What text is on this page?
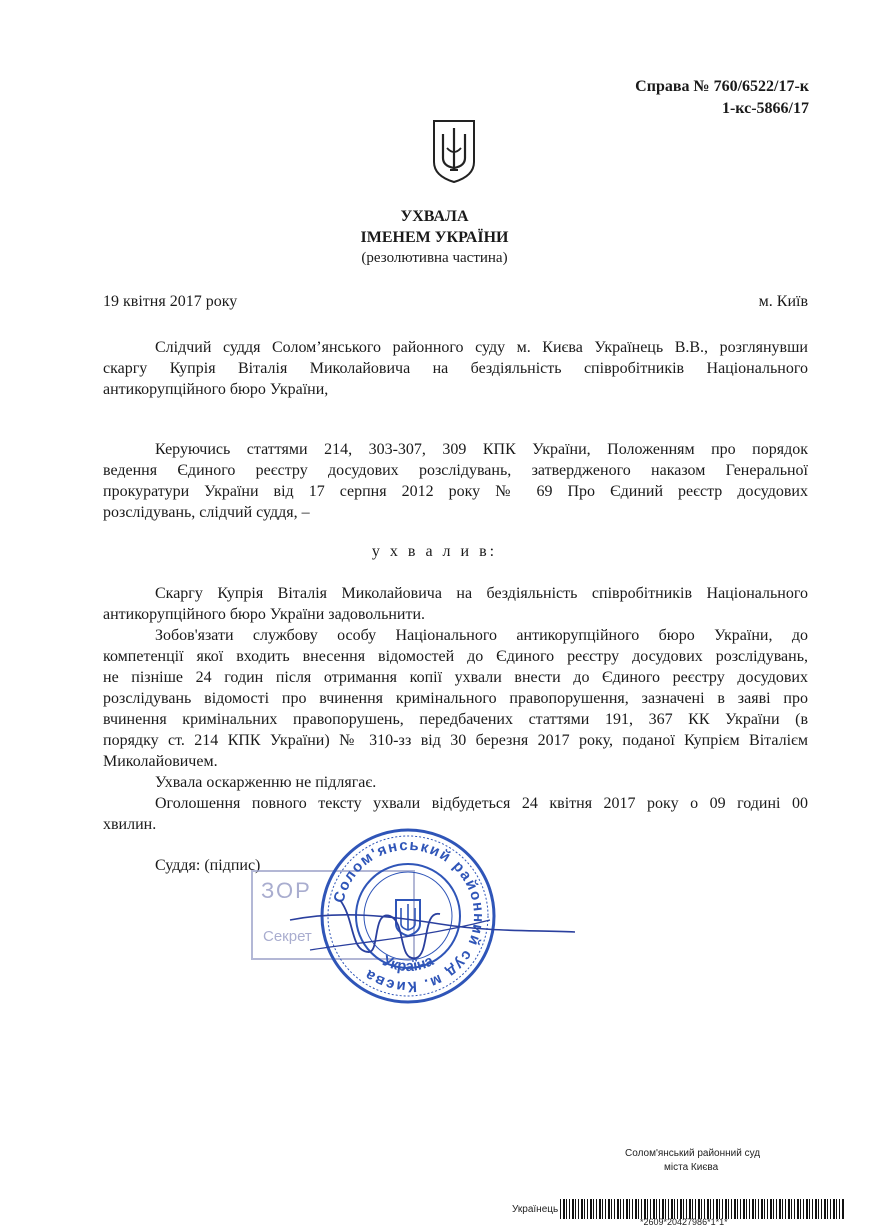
Справа № 760/6522/17-к
1-кс-5866/17
УХВАЛА
ІМЕНЕМ УКРАЇНИ
(резолютивна частина)
19 квітня 2017 року	м. Київ
Слідчий суддя Солом’янського районного суду м. Києва Українець В.В., розглянувши
скаргу Купрія Віталія Миколайовича на бездіяльність співробітників Національного
антикорупційного бюро України,
Керуючись статтями 214, 303-307, 309 КПК України, Положенням про порядок
ведення Єдиного реєстру досудових розслідувань, затвердженого наказом Генеральної
прокуратури України від 17 серпня 2012 року № 69 Про Єдиний реєстр досудових
розслідувань, слідчий суддя, –
у х в а л и в:
Скаргу Купрія Віталія Миколайовича на бездіяльність співробітників Національного
антикорупційного бюро України задовольнити.
Зобов'язати службову особу Національного антикорупційного бюро України, до
компетенції якої входить внесення відомостей до Єдиного реєстру досудових розслідувань,
не пізніше 24 годин після отримання копії ухвали внести до Єдиного реєстру досудових
розслідувань відомості про вчинення кримінального правопорушення, зазначені в заяві про
вчинення кримінальних правопорушень, передбачених статтями 191, 367 КК України (в
порядку ст. 214 КПК України) № 310-зз від 30 березня 2017 року, поданої Купрієм Віталієм
Миколайовичем.
Ухвала оскарженню не підлягає.
Оголошення повного тексту ухвали відбудеться 24 квітня 2017 року о 09 годині 00
хвилин.
Суддя: (підпис)
ЗОР
Секрет
Солом'янський районний суд м. Києва
Україна
Солом'янський районний суд
міста Києва
Українець
*2609*20427986*1*1*
